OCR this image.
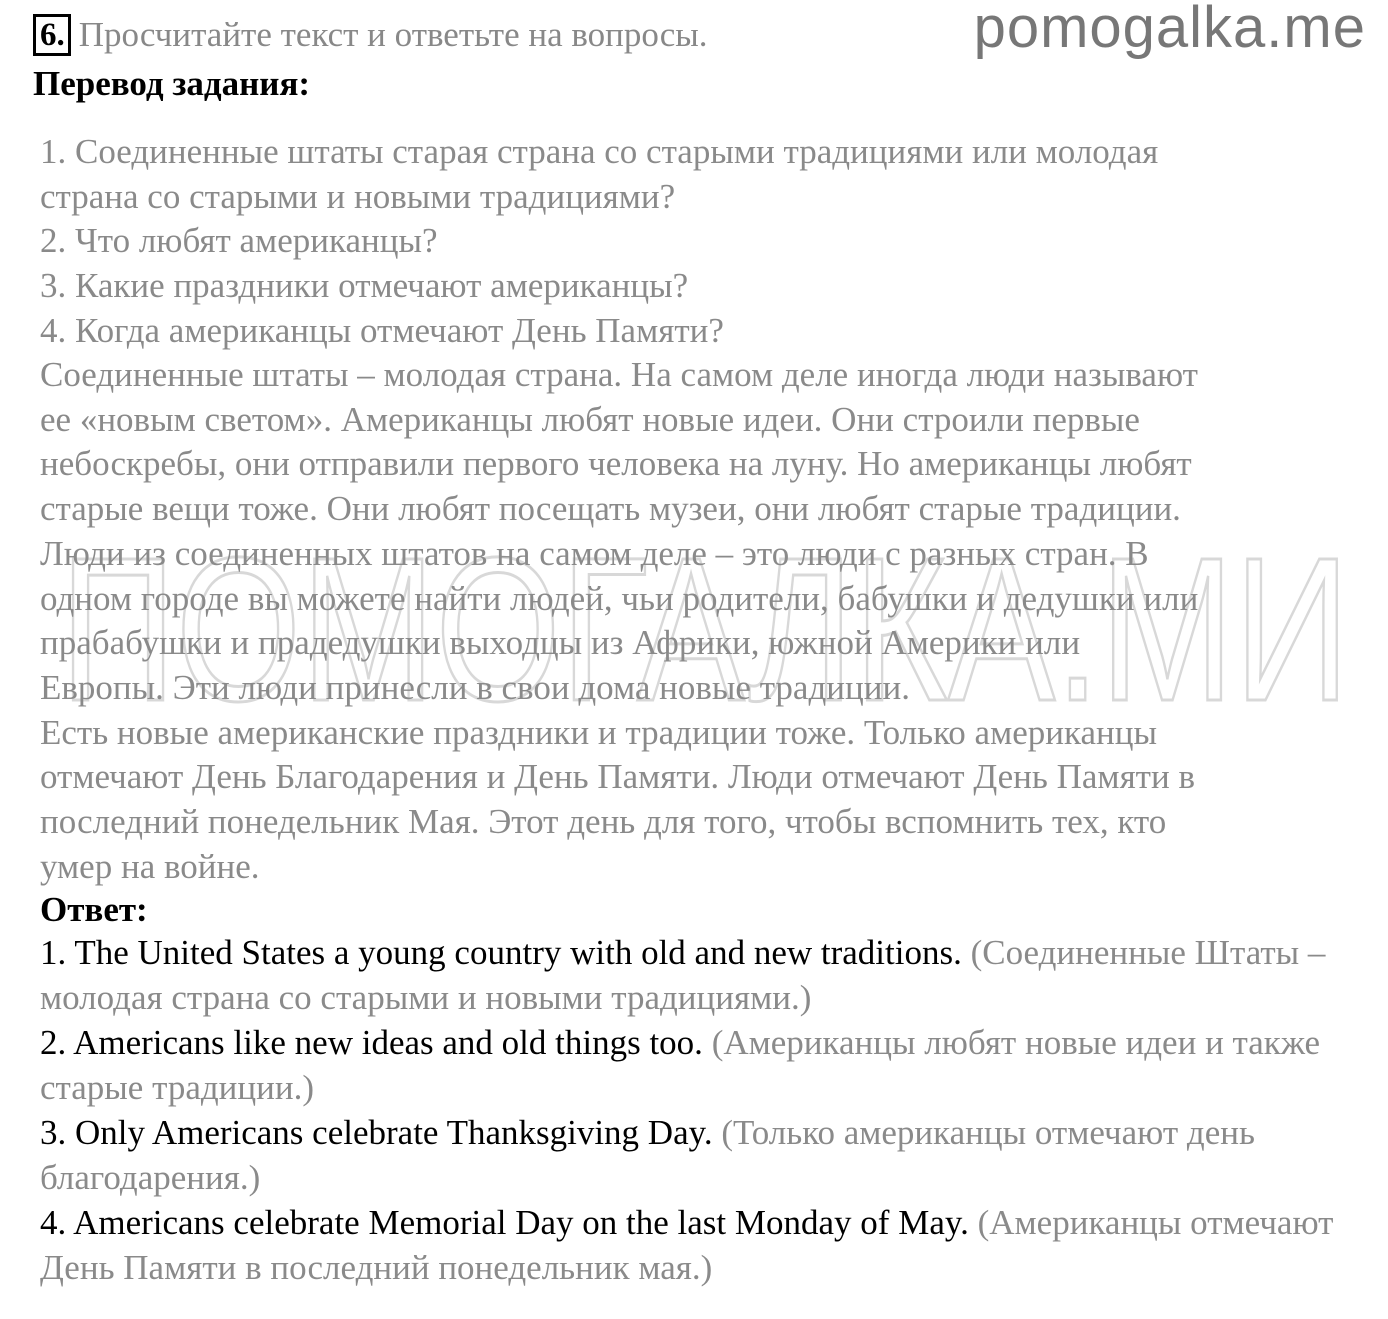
ПОМОГАЛКА.МИ
pomogalka.me
6. Просчитайте текст и ответьте на вопросы.
Перевод задания:
1. Соединенные штаты старая страна со старыми традициями или молодая
страна со старыми и новыми традициями?
2. Что любят американцы?
3. Какие праздники отмечают американцы?
4. Когда американцы отмечают День Памяти?
Соединенные штаты – молодая страна. На самом деле иногда люди называют
ее «новым светом». Американцы любят новые идеи. Они строили первые
небоскребы, они отправили первого человека на луну. Но американцы любят
старые вещи тоже. Они любят посещать музеи, они любят старые традиции.
Люди из соединенных штатов на самом деле – это люди с разных стран. В
одном городе вы можете найти людей, чьи родители, бабушки и дедушки или
прабабушки и прадедушки выходцы из Африки, южной Америки или
Европы. Эти люди принесли в свои дома новые традиции.
Есть новые американские праздники и традиции тоже. Только американцы
отмечают День Благодарения и День Памяти. Люди отмечают День Памяти в
последний понедельник Мая. Этот день для того, чтобы вспомнить тех, кто
умер на войне.
Ответ:

1. The United States a young country with old and new traditions. (Соединенные Штаты – молодая страна со старыми и новыми традициями.)

2. Americans like new ideas and old things too. (Американцы любят новые идеи и также старые традиции.)

3. Only Americans celebrate Thanksgiving Day. (Только американцы отмечают день благодарения.)

4. Americans celebrate Memorial Day on the last Monday of May. (Американцы отмечают День Памяти в последний понедельник мая.)
